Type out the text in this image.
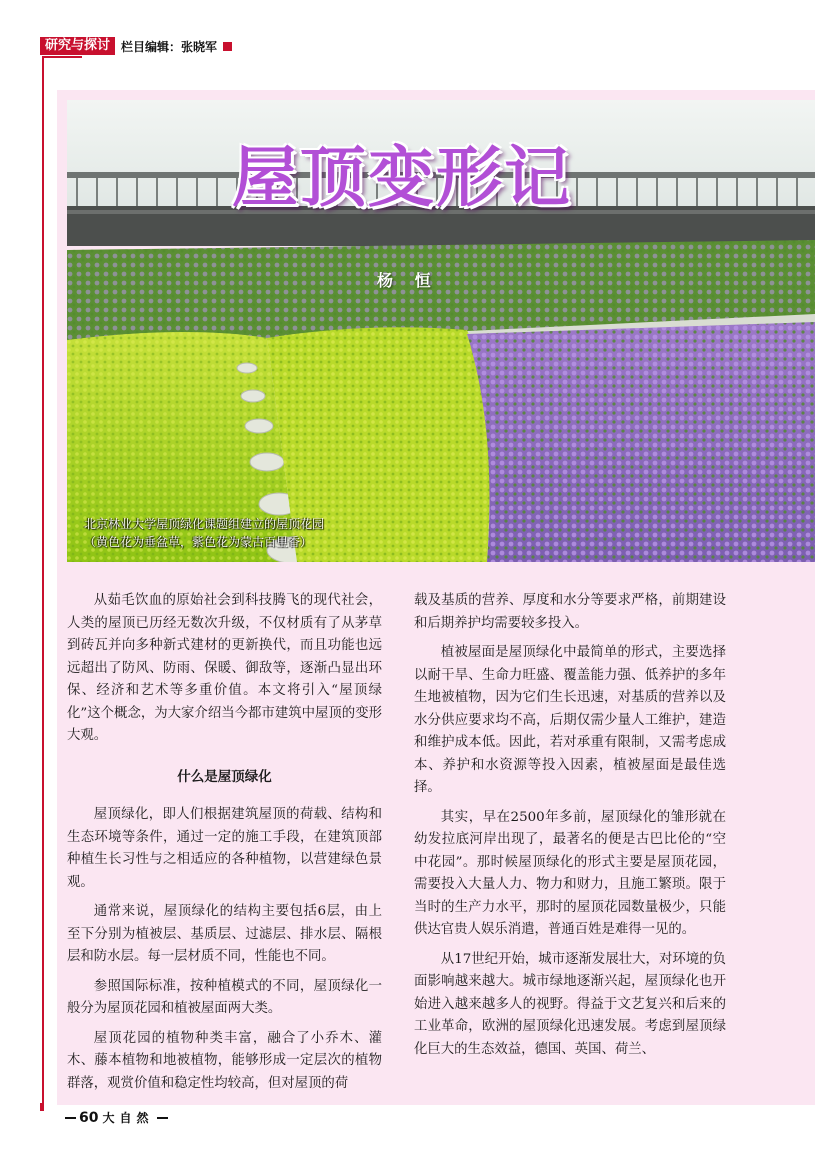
研究与探讨 栏目编辑：张晓军
屋顶变形记
杨 恒
北京林业大学屋顶绿化课题组建立的屋顶花园
（黄色花为垂盆草，紫色花为蒙古百里香）

从茹毛饮血的原始社会到科技腾飞的现代社会，人类的屋顶已历经无数次升级，不仅材质有了从茅草到砖瓦并向多种新式建材的更新换代，而且功能也远远超出了防风、防雨、保暖、御敌等，逐渐凸显出环保、经济和艺术等多重价值。本文将引入“屋顶绿化”这个概念，为大家介绍当今都市建筑中屋顶的变形大观。

什么是屋顶绿化

屋顶绿化，即人们根据建筑屋顶的荷载、结构和生态环境等条件，通过一定的施工手段，在建筑顶部种植生长习性与之相适应的各种植物，以营建绿色景观。

通常来说，屋顶绿化的结构主要包括6层，由上至下分别为植被层、基质层、过滤层、排水层、隔根层和防水层。每一层材质不同，性能也不同。

参照国际标准，按种植模式的不同，屋顶绿化一般分为屋顶花园和植被屋面两大类。

屋顶花园的植物种类丰富，融合了小乔木、灌木、藤本植物和地被植物，能够形成一定层次的植物群落，观赏价值和稳定性均较高，但对屋顶的荷

载及基质的营养、厚度和水分等要求严格，前期建设和后期养护均需要较多投入。

植被屋面是屋顶绿化中最简单的形式，主要选择以耐干旱、生命力旺盛、覆盖能力强、低养护的多年生地被植物，因为它们生长迅速，对基质的营养以及水分供应要求均不高，后期仅需少量人工维护，建造和维护成本低。因此，若对承重有限制，又需考虑成本、养护和水资源等投入因素，植被屋面是最佳选择。

其实，早在2500年多前，屋顶绿化的雏形就在幼发拉底河岸出现了，最著名的便是古巴比伦的“空中花园”。那时候屋顶绿化的形式主要是屋顶花园，需要投入大量人力、物力和财力，且施工繁琐。限于当时的生产力水平，那时的屋顶花园数量极少，只能供达官贵人娱乐消遣，普通百姓是难得一见的。

从17世纪开始，城市逐渐发展壮大，对环境的负面影响越来越大。城市绿地逐渐兴起，屋顶绿化也开始进入越来越多人的视野。得益于文艺复兴和后来的工业革命，欧洲的屋顶绿化迅速发展。考虑到屋顶绿化巨大的生态效益，德国、英国、荷兰、

60 大自然
